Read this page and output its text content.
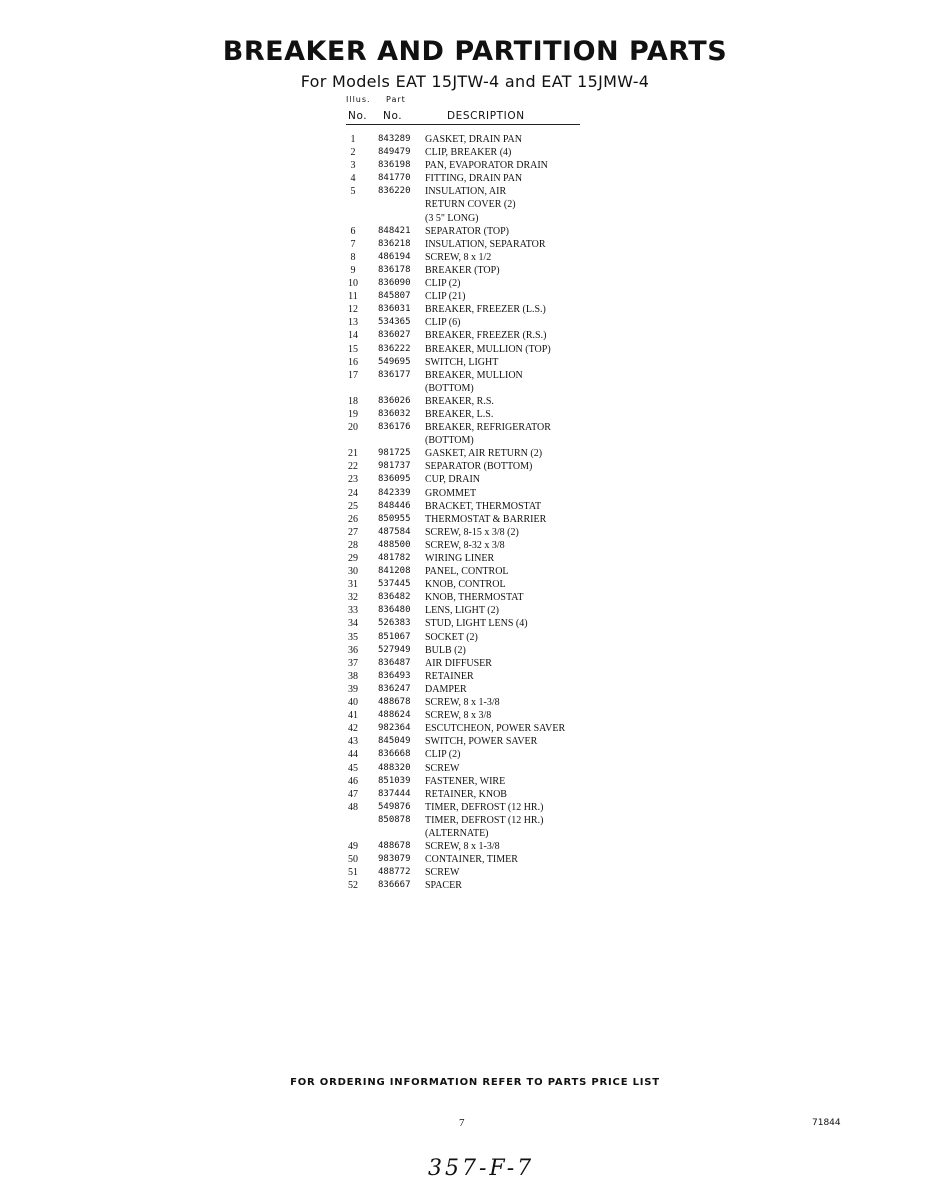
BREAKER AND PARTITION PARTS
For Models EAT 15JTW-4 and EAT 15JMW-4
Illus. Part
No. No.	DESCRIPTION
1	843289 GASKET, DRAIN PAN
2	849479 CLIP, BREAKER (4)
3	836198 PAN, EVAPORATOR DRAIN
4	841770 FITTING, DRAIN PAN
5	836220 INSULATION, AIR
RETURN COVER (2)
(3 5" LONG)
6	848421 SEPARATOR (TOP)
7	836218 INSULATION, SEPARATOR
8	486194 SCREW, 8 x 1/2
9	836178 BREAKER (TOP)
10 836090 CLIP (2)
11 845807 CLIP (21)
12 836031 BREAKER, FREEZER (L.S.)
13 534365 CLIP (6)
14 836027 BREAKER, FREEZER (R.S.)
15 836222 BREAKER, MULLION (TOP)
16 549695 SWITCH, LIGHT
17 836177 BREAKER, MULLION
(BOTTOM)
18 836026 BREAKER, R.S.
19 836032 BREAKER, L.S.
20 836176 BREAKER, REFRIGERATOR
(BOTTOM)
21 981725 GASKET, AIR RETURN (2)
22 981737 SEPARATOR (BOTTOM)
23 836095 CUP, DRAIN
24 842339 GROMMET
25 848446 BRACKET, THERMOSTAT
26 850955 THERMOSTAT & BARRIER
27 487584 SCREW, 8-15 x 3/8 (2)
28 488500 SCREW, 8-32 x 3/8
29 481782 WIRING LINER
30 841208 PANEL, CONTROL
31 537445 KNOB, CONTROL
32 836482 KNOB, THERMOSTAT
33 836480 LENS, LIGHT (2)
34 526383 STUD, LIGHT LENS (4)
35 851067 SOCKET (2)
36 527949 BULB (2)
37 836487 AIR DIFFUSER
38 836493 RETAINER
39 836247 DAMPER
40 488678 SCREW, 8 x 1-3/8
41 488624 SCREW, 8 x 3/8
42 982364 ESCUTCHEON, POWER SAVER
43 845049 SWITCH, POWER SAVER
44 836668 CLIP (2)
45 488320 SCREW
46 851039 FASTENER, WIRE
47 837444 RETAINER, KNOB
48 549876 TIMER, DEFROST (12 HR.)
850878 TIMER, DEFROST (12 HR.)
(ALTERNATE)
49 488678 SCREW, 8 x 1-3/8
50 983079 CONTAINER, TIMER
51 488772 SCREW
52 836667 SPACER
FOR ORDERING INFORMATION REFER TO PARTS PRICE LIST
7	71844
357-F-7
